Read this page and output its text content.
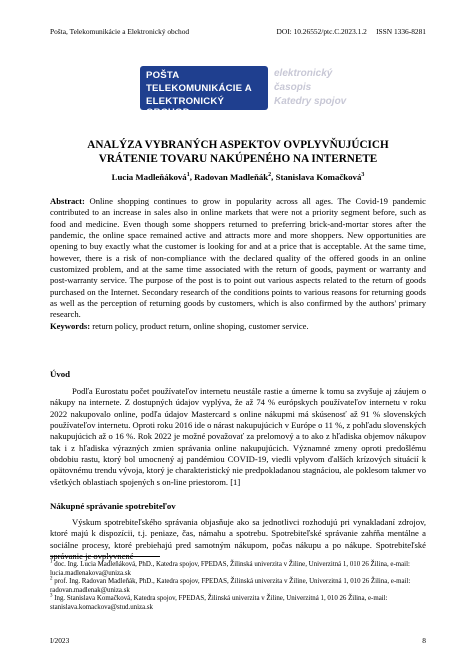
Pošta, Telekomunikácie a Elektronický obchod	DOI: 10.26552/ptc.C.2023.1.2     ISSN 1336-8281
POŠTA
TELEKOMUNIKÁCIE A
ELEKTRONICKÝ OBCHOD
elektronický
časopis
Katedry spojov
ANALÝZA VYBRANÝCH ASPEKTOV OVPLYVŇUJÚCICH
VRÁTENIE TOVARU NAKÚPENÉHO NA INTERNETE
Lucia Madleňáková$^1$, Radovan Madleňák$^2$, Stanislava Komačková$^3$
Abstract: Online shopping continues to grow in popularity across all ages. The Covid-19 pandemic contributed to an increase in sales also in online markets that were not a priority segment before, such as food and medicine. Even though some shoppers returned to preferring brick-and-mortar stores after the pandemic, the online space remained active and attracts more and more shoppers. New opportunities are opening to buy exactly what the customer is looking for and at a price that is acceptable. At the same time, however, there is a risk of non-compliance with the declared quality of the offered goods in an online customized problem, and at the same time associated with the return of goods, payment or warranty and post-warranty service. The purpose of the post is to point out various aspects related to the return of goods purchased on the Internet. Secondary research of the conditions points to various reasons for returning goods as well as the perception of returning goods by customers, which is also confirmed by the authors' primary research.
Keywords: return policy, product return, online shoping, customer service.
Úvod
Podľa Eurostatu počet používateľov internetu neustále rastie a úmerne k tomu sa zvyšuje aj záujem o nákupy na internete. Z dostupných údajov vyplýva, že až 74 % európskych používateľov internetu v roku 2022 nakupovalo online, podľa údajov Mastercard s online nákupmi má skúsenosť až 91 % slovenských používateľov internetu. Oproti roku 2016 ide o nárast nakupujúcich v Európe o 11 %, z pohľadu slovenských nakupujúcich až o 16 %. Rok 2022 je možné považovať za prelomový a to ako z hľadiska objemov nákupov tak i z hľadiska výrazných zmien správania online nakupujúcich. Významné zmeny oproti predošlému obdobiu rastu, ktorý bol umocnený aj pandémiou COVID-19, viedli vplyvom ďalších krízových situácií k opätovnému trendu vývoja, ktorý je charakteristický nie predpokladanou stagnáciou, ale poklesom takmer vo všetkých oblastiach spojených s on-line priestorom. [1]
Nákupné správanie spotrebiteľov
Výskum spotrebiteľského správania objasňuje ako sa jednotlivci rozhodujú pri vynakladaní zdrojov, ktoré majú k dispozícii, t.j. peniaze, čas, námahu a spotrebu. Spotrebiteľské správanie zahŕňa mentálne a sociálne procesy, ktoré prebiehajú pred samotným nákupom, počas nákupu a po nákupe. Spotrebiteľské správanie je ovplyvnené
$^1$ doc. Ing. Lucia Madleňáková, PhD., Katedra spojov, FPEDAS, Žilinská univerzita v Žiline, Univerzitná 1, 010 26 Žilina, e-mail: lucia.madlenakova@uniza.sk
$^2$ prof. Ing. Radovan Madleňák, PhD., Katedra spojov, FPEDAS, Žilinská univerzita v Žiline, Univerzitná 1, 010 26 Žilina, e-mail: radovan.madlenak@uniza.sk
$^3$ Ing. Stanislava Komačková, Katedra spojov, FPEDAS, Žilinská univerzita v Žiline, Univerzitná 1, 010 26 Žilina, e-mail: stanislava.komackova@stud.uniza.sk
I/2023	8
